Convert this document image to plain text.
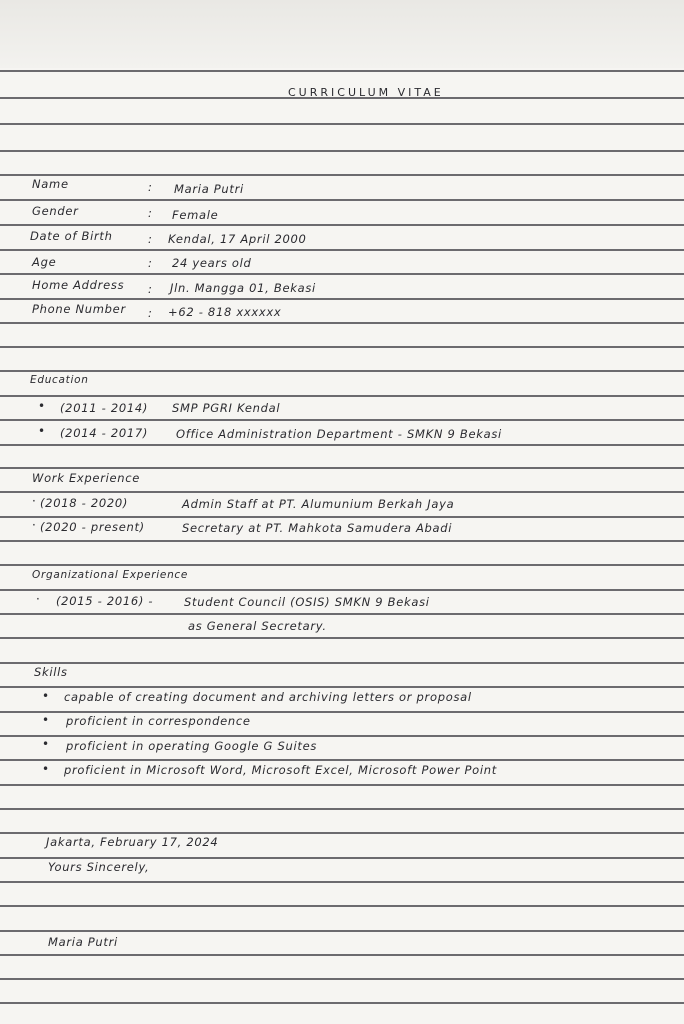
CURRICULUM VITAE
Name	: Maria Putri
Gender	: Female
Date of Birth	: Kendal, 17 April 2000
Age	: 24 years old
Home Address : Jln. Mangga 01, Bekasi
Phone Number : +62 - 818 xxxxxx
Education
• (2011 - 2014) SMP PGRI Kendal
• (2014 - 2017) Office Administration Department - SMKN 9 Bekasi
Work Experience
· (2018 - 2020)	Admin Staff at PT. Alumunium Berkah Jaya
· (2020 - present)	Secretary at PT. Mahkota Samudera Abadi
Organizational Experience
· (2015 - 2016) -	Student Council (OSIS) SMKN 9 Bekasi
as General Secretary.
Skills
• capable of creating document and archiving letters or proposal
• proficient in correspondence
• proficient in operating Google G Suites
• proficient in Microsoft Word, Microsoft Excel, Microsoft Power Point
Jakarta, February 17, 2024
Yours Sincerely,
Maria Putri
